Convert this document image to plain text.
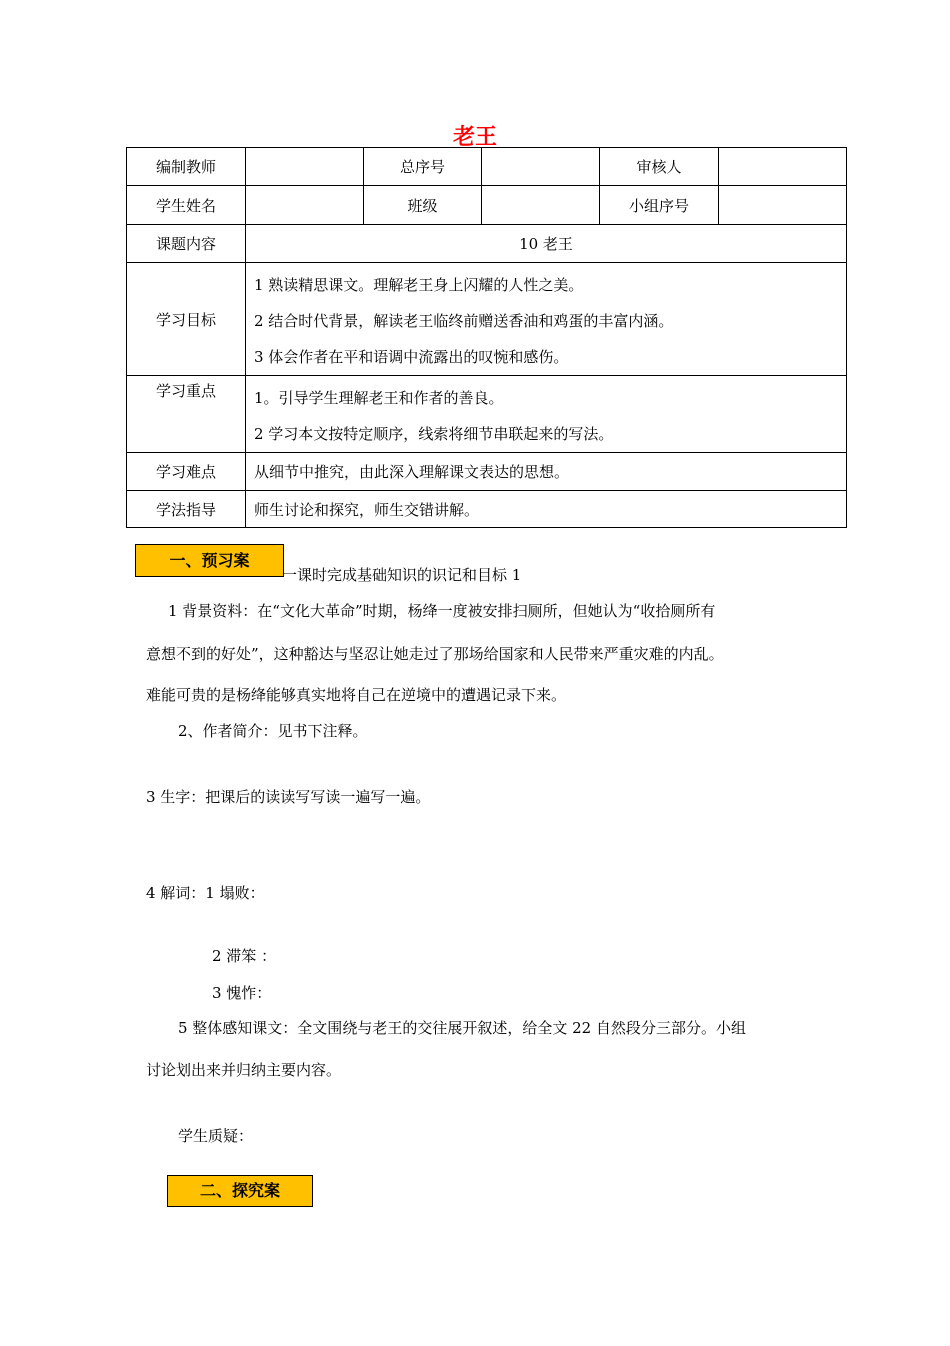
老王
编制教师		总序号		审核人	
学生姓名		班级		小组序号	
课题内容	10 老王				
学习目标	1 熟读精思课文。理解老王身上闪耀的人性之美。
2 结合时代背景，解读老王临终前赠送香油和鸡蛋的丰富内涵。
3 体会作者在平和语调中流露出的叹惋和感伤。				

学习重点	1。引导学生理解老王和作者的善良。
2 学习本文按特定顺序，线索将细节串联起来的写法。				

学习难点	从细节中推究，由此深入理解课文表达的思想。				
学法指导	师生讨论和探究，师生交错讲解。				
一、预习案
一课时完成基础知识的识记和目标 1
1 背景资料：在“文化大革命”时期，杨绛一度被安排扫厕所，但她认为“收拾厕所有
意想不到的好处”，这种豁达与坚忍让她走过了那场给国家和人民带来严重灾难的内乱。
难能可贵的是杨绛能够真实地将自己在逆境中的遭遇记录下来。
2、作者简介：见书下注释。
3 生字：把课后的读读写写读一遍写一遍。
4 解词：1 塌败：
2 滞笨 ：
3 愧怍：
5 整体感知课文：全文围绕与老王的交往展开叙述，给全文 22 自然段分三部分。小组
讨论划出来并归纳主要内容。
学生质疑：
二、探究案
